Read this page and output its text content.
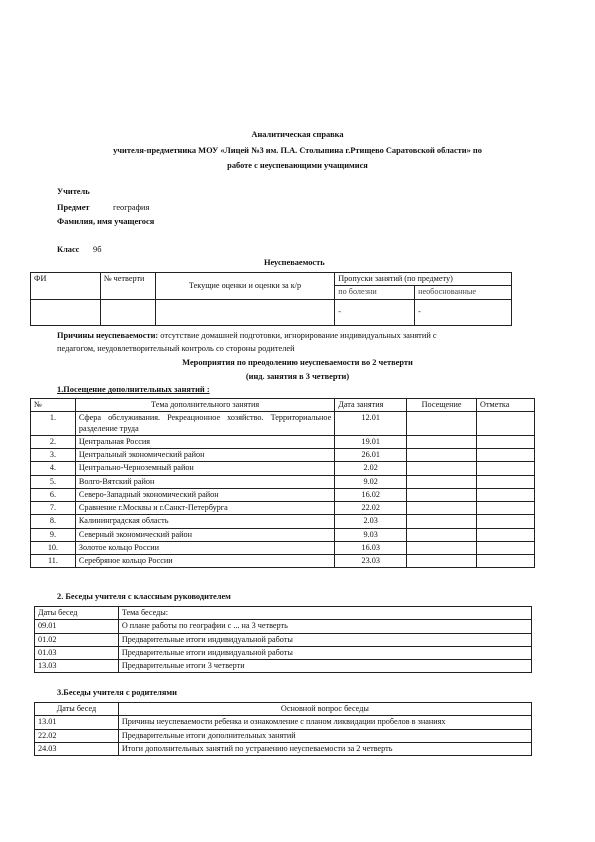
Аналитическая справка
учителя-предметника МОУ «Лицей №3 им. П.А. Столыпина г.Ртищево Саратовской области» по
работе с неуспевающими учащимися
Учитель
Предмет	география
Фамилия, имя учащегося
Класс 9б
Неуспеваемость
ФИ	№ четверти	Текущие оценки и оценки за к/р	Пропуски занятий (по предмету)	
			по болезни	необоснованные
			-	-
Причины неуспеваемости: отсутствие домашней подготовки, игнорирование индивидуальных занятий с
педагогом, неудовлетворительный контроль со стороны родителей
Мероприятия по преодолению неуспеваемости во 2 четверти
(инд. занятия в 3 четверти)
1.Посещение дополнительных занятий :
№	Тема дополнительного занятия	Дата занятия	Посещение	Отметка
1.	Сфера обслуживания. Рекреационное хозяйство. Территориальное разделение труда	12.01		
2.	Центральная Россия	19.01		
3.	Центральный экономический район	26.01		
4.	Центрально-Черноземный район	2.02		
5.	Волго-Вятский район	9.02		
6.	Северо-Западный экономический район	16.02		
7.	Сравнение г.Москвы и г.Санкт-Петербурга	22.02		
8.	Калининградская область	2.03		
9.	Северный экономический район	9.03		
10.	Золотое кольцо России	16.03		
11.	Серебряное кольцо России	23.03		
2. Беседы учителя с классным руководителем
Даты бесед	Тема беседы:
09.01	О плане работы по географии с ... на 3 четверть
01.02	Предварительные итоги индивидуальной работы
01.03	Предварительные итоги индивидуальной работы
13.03	Предварительные итоги 3 четверти
3.Беседы учителя с родителями
Даты бесед	Основной вопрос беседы
13.01	Причины неуспеваемости ребенка и ознакомление с планом ликвидации пробелов в знаниях
22.02	Предварительные итоги дополнительных занятий
24.03	Итоги дополнительных занятий по устранению неуспеваемости за 2 четверть
